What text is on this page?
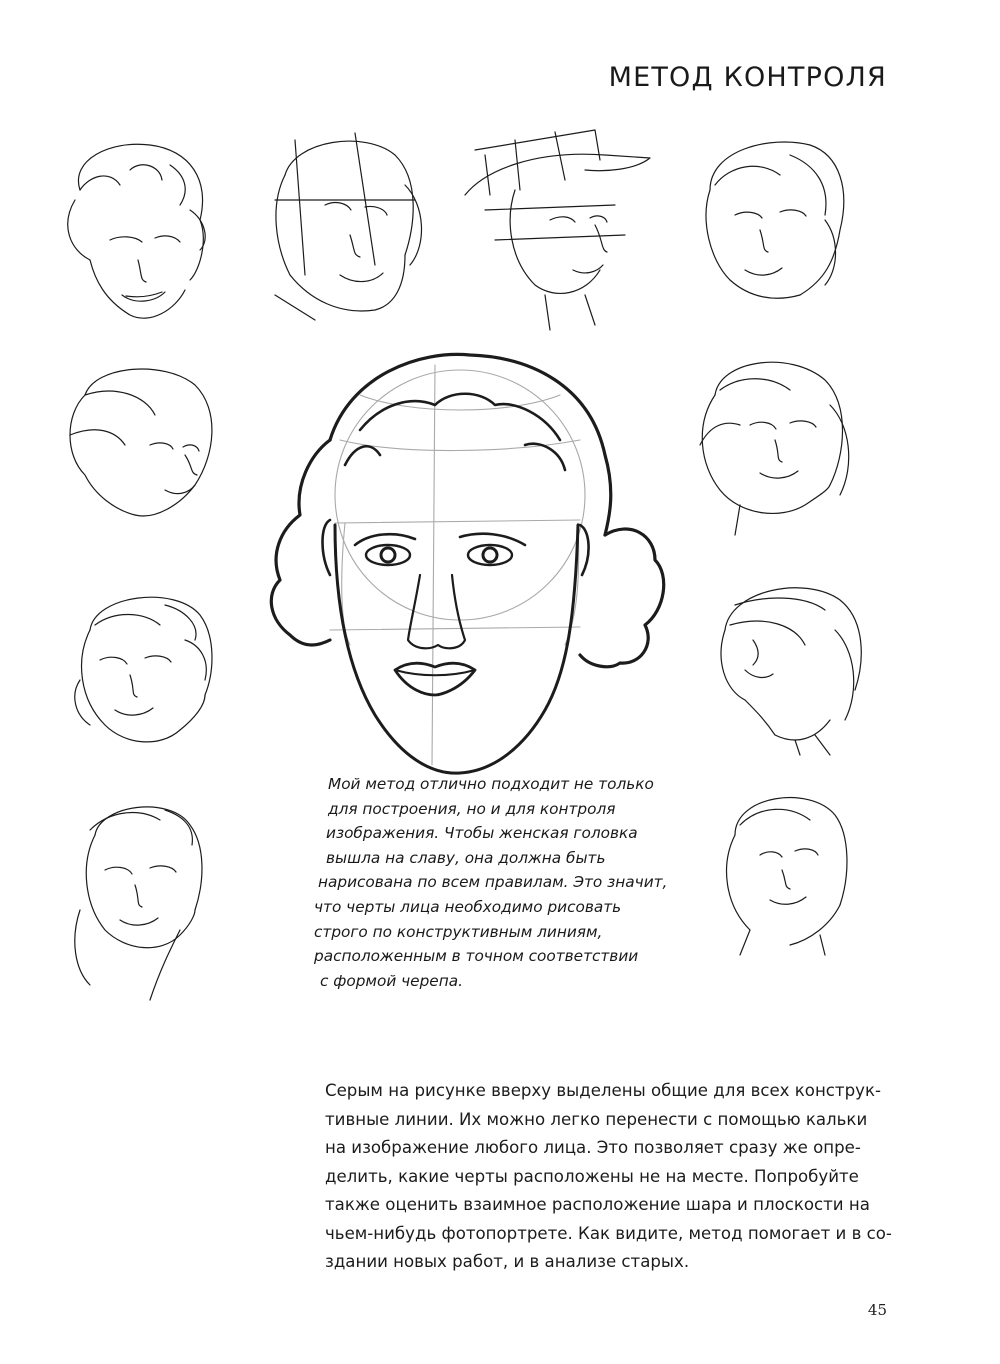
МЕТОД КОНТРОЛЯ
Мой метод отлично подходит не только
для построения, но и для контроля
изображения. Чтобы женская головка
вышла на славу, она должна быть
нарисована по всем правилам. Это значит,
что черты лица необходимо рисовать
строго по конструктивным линиям,
расположенным в точном соответствии
с формой черепа.
Серым на рисунке вверху выделены общие для всех конструк-
тивные линии. Их можно легко перенести с помощью кальки
на изображение любого лица. Это позволяет сразу же опре-
делить, какие черты расположены не на месте. Попробуйте
также оценить взаимное расположение шара и плоскости на
чьем-нибудь фотопортрете. Как видите, метод помогает и в со-
здании новых работ, и в анализе старых.
45
